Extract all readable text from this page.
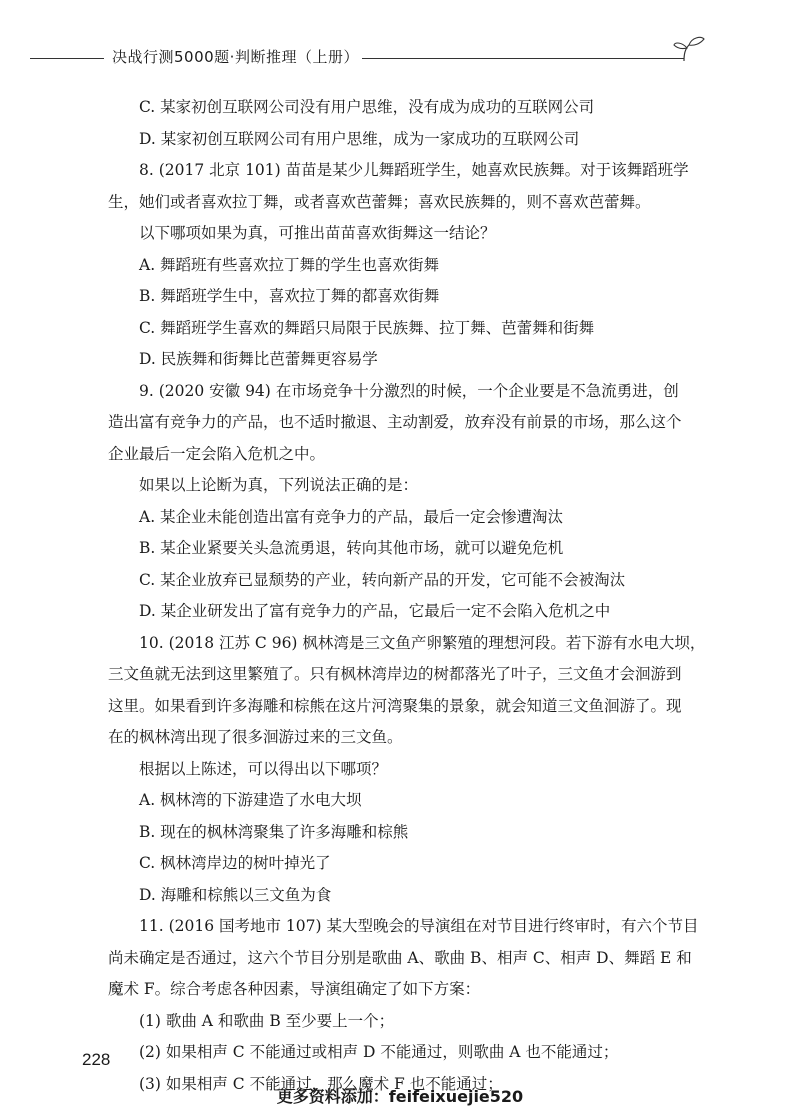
决战行测5000题·判断推理（上册）

C. 某家初创互联网公司没有用户思维，没有成为成功的互联网公司

D. 某家初创互联网公司有用户思维，成为一家成功的互联网公司

8. (2017 北京 101) 苗苗是某少儿舞蹈班学生，她喜欢民族舞。对于该舞蹈班学

生，她们或者喜欢拉丁舞，或者喜欢芭蕾舞；喜欢民族舞的，则不喜欢芭蕾舞。

以下哪项如果为真，可推出苗苗喜欢街舞这一结论？

A. 舞蹈班有些喜欢拉丁舞的学生也喜欢街舞

B. 舞蹈班学生中，喜欢拉丁舞的都喜欢街舞

C. 舞蹈班学生喜欢的舞蹈只局限于民族舞、拉丁舞、芭蕾舞和街舞

D. 民族舞和街舞比芭蕾舞更容易学

9. (2020 安徽 94) 在市场竞争十分激烈的时候，一个企业要是不急流勇进，创

造出富有竞争力的产品，也不适时撤退、主动割爱，放弃没有前景的市场，那么这个

企业最后一定会陷入危机之中。

如果以上论断为真，下列说法正确的是：

A. 某企业未能创造出富有竞争力的产品，最后一定会惨遭淘汰

B. 某企业紧要关头急流勇退，转向其他市场，就可以避免危机

C. 某企业放弃已显颓势的产业，转向新产品的开发，它可能不会被淘汰

D. 某企业研发出了富有竞争力的产品，它最后一定不会陷入危机之中

10. (2018 江苏 C 96) 枫林湾是三文鱼产卵繁殖的理想河段。若下游有水电大坝，

三文鱼就无法到这里繁殖了。只有枫林湾岸边的树都落光了叶子，三文鱼才会洄游到

这里。如果看到许多海雕和棕熊在这片河湾聚集的景象，就会知道三文鱼洄游了。现

在的枫林湾出现了很多洄游过来的三文鱼。

根据以上陈述，可以得出以下哪项？

A. 枫林湾的下游建造了水电大坝

B. 现在的枫林湾聚集了许多海雕和棕熊

C. 枫林湾岸边的树叶掉光了

D. 海雕和棕熊以三文鱼为食

11. (2016 国考地市 107) 某大型晚会的导演组在对节目进行终审时，有六个节目

尚未确定是否通过，这六个节目分别是歌曲 A、歌曲 B、相声 C、相声 D、舞蹈 E 和

魔术 F。综合考虑各种因素，导演组确定了如下方案：

(1) 歌曲 A 和歌曲 B 至少要上一个；

(2) 如果相声 C 不能通过或相声 D 不能通过，则歌曲 A 也不能通过；

(3) 如果相声 C 不能通过，那么魔术 F 也不能通过；

228
更多资料添加：feifeixuejie520
